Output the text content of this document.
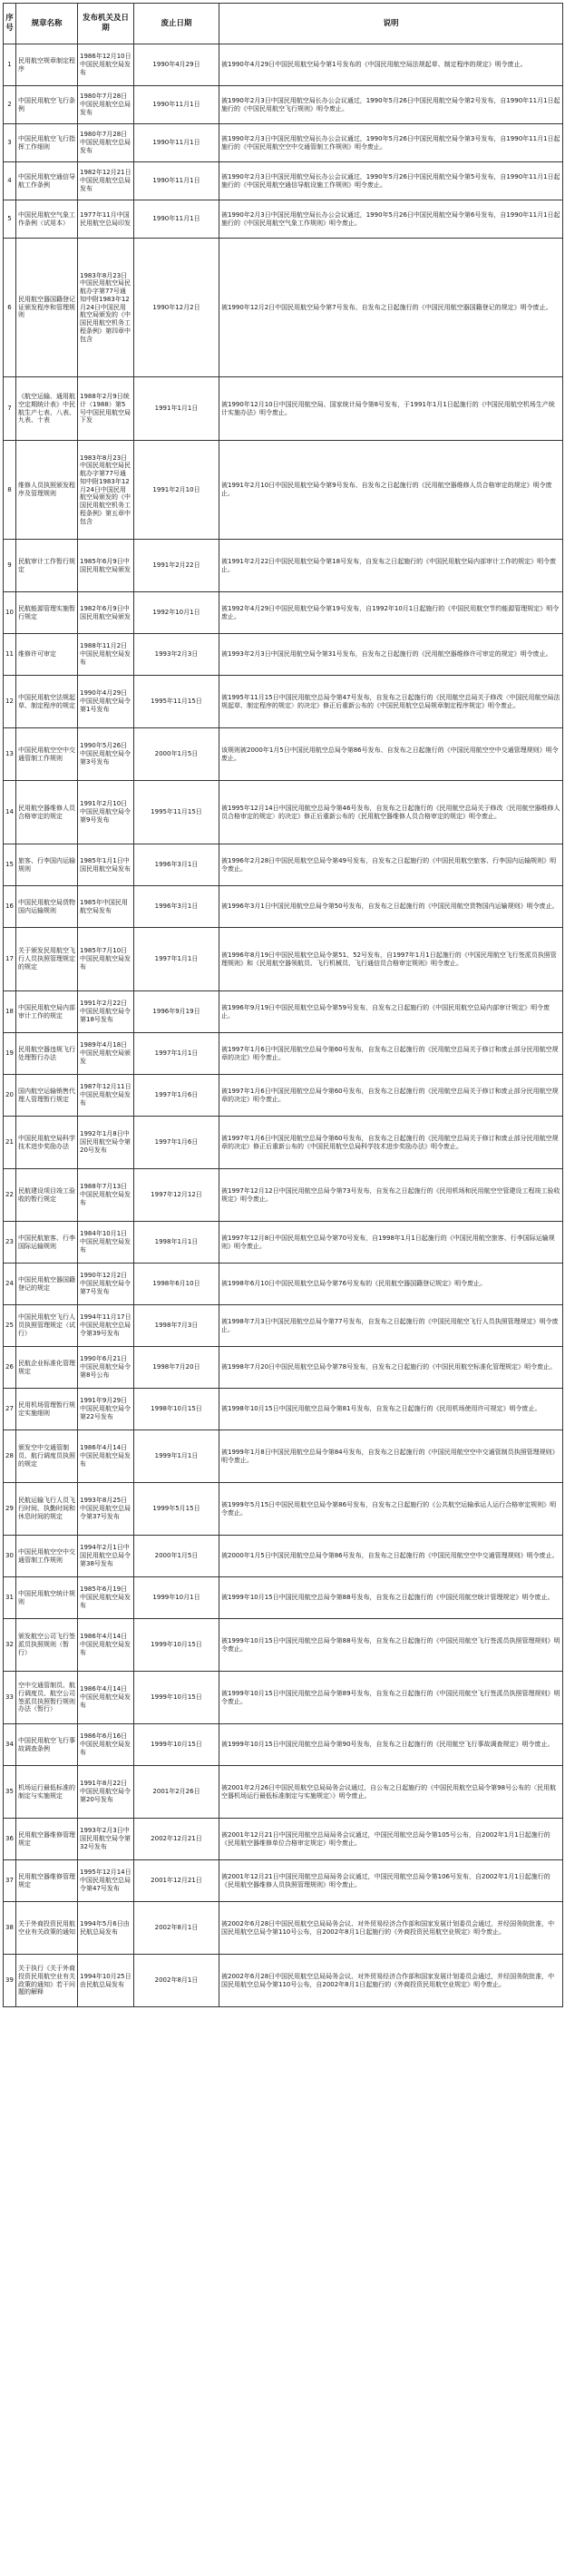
序号	规章名称	发布机关及日期	废止日期	说明
1	民用航空规章制定程序	1986年12月10日中国民用航空局发布	1990年4月29日	被1990年4月29日中国民用航空局令第1号发布的《中国民用航空局法规起草、制定程序的规定》明令废止。
2	中国民用航空飞行条例	1980年7月28日中国民用航空总局发布	1990年11月1日	被1990年2月3日中国民用航空局长办公会议通过，1990年5月26日中国民用航空局令第2号发布，自1990年11月1日起施行的《中国民用航空飞行规则》明令废止。
3	中国民用航空飞行指挥工作细则	1980年7月28日中国民用航空总局发布	1990年11月1日	被1990年2月3日中国民用航空局长办公会议通过，1990年5月26日中国民用航空局令第3号发布，自1990年11月1日起施行的《中国民用航空空中交通管制工作规则》明令废止。
4	中国民用航空通信导航工作条例	1982年12月21日中国民用航空总局发布	1990年11月1日	被1990年2月3日中国民用航空局长办公会议通过，1990年5月26日中国民用航空局令第5号发布，自1990年11月1日起施行的《中国民用航空通信导航设施工作规则》明令废止。
5	中国民用航空气象工作条例（试用本）	1977年11月中国民用航空总局印发	1990年11月1日	被1990年2月3日中国民用航空局长办公会议通过，1990年5月26日中国民用航空局令第6号发布，自1990年11月1日起施行的《中国民用航空气象工作规则》明令废止。
6	民用航空器国籍登记证颁发程序和管理规则	1983年8月23日中国民用航空局民航办字第77号通知中附1983年12月24日中国民用航空局颁发的《中国民用航空机务工程条例》第四章中包含	1990年12月2日	被1990年12月2日中国民用航空局令第7号发布、自发布之日起施行的《中国民用航空器国籍登记的规定》明令废止。
7	《航空运输、通用航空定期统计表》中民航生产七表、八表、九表、十表	1988年2月9日统计（1988）第5号中国民用航空局下发	1991年1月1日	被1990年12月10日中国民用航空局、国家统计局令第8号发布，于1991年1月1日起施行的《中国民用航空机场生产统计实施办法》明令废止。
8	维修人员执照颁发程序及管理规则	1983年8月23日中国民用航空局民航办字第77号通知中附1983年12月24日中国民用航空局颁发的《中国民用航空机务工程条例》第五章中包含	1991年2月10日	被1991年2月10日中国民用航空局令第9号发布、自发布之日起施行的《民用航空器维修人员合格审定的规定》明令废止。
9	民航审计工作暂行规定	1985年6月9日中国民用航空局颁发	1991年2月22日	被1991年2月22日中国民用航空局令第18号发布，自发布之日起施行的《中国民用航空局内部审计工作的规定》明令废止。
10	民航能源管理实施暂行规定	1982年6月9日中国民用航空局颁发	1992年10月1日	被1992年4月29日中国民用航空局令第19号发布，自1992年10月1日起施行的《中国民用航空节约能源管理规定》明令废止。
11	维修许可审定	1988年11月2日中国民用航空局发布	1993年2月3日	被1993年2月3日中国民用航空局令第31号发布，自发布之日起施行的《民用航空器维修许可审定的规定》明令废止。
12	中国民用航空法规起草、制定程序的规定	1990年4月29日中国民用航空局令第1号发布	1995年11月15日	被1995年11月15日中国民用航空总局令第47号发布，自发布之日起施行的《民用航空总局关于修改〈中国民用航空局法规起草、制定程序的规定〉的决定》修正后重新公布的《中国民用航空总局规章制定程序规定》明令废止。
13	中国民用航空空中交通管制工作规则	1990年5月26日中国民用航空局令第3号发布	2000年1月5日	该规则被2000年1月5日中国民用航空总局令第86号发布、自发布之日起施行的《中国民用航空空中交通管理规则》明令废止。
14	民用航空器维修人员合格审定的规定	1991年2月10日中国民用航空局令第9号发布	1995年11月15日	被1995年12月14日中国民用航空总局令第46号发布，自发布之日起施行的《民用航空总局关于修改〈民用航空器维修人员合格审定的规定〉的决定》修正后重新公布的《民用航空器维修人员合格审定的规定》明令废止。
15	旅客、行李国内运输规则	1985年1月1日中国民用航空局发布	1996年3月1日	被1996年2月28日中国民用航空总局令第49号发布，自发布之日起施行的《中国民用航空旅客、行李国内运输规则》明令废止。
16	中国民用航空局货物国内运输规则	1985年中国民用航空局发布	1996年3月1日	被1996年3月1日中国民用航空总局令第50号发布，自发布之日起施行的《中国民用航空货物国内运输规则》明令废止。
17	关于颁发民用航空飞行人员执照管理规定的规定	1985年7月10日中国民用航空局发布	1997年1月1日	被1996年8月19日中国民用航空总局令第51、52号发布，自1997年1月1日起施行的《中国民用航空飞行签派员执照管理规则》和《民用航空器领航员、飞行机械员、飞行通信员合格审定规则》明令废止。
18	中国民用航空局内部审计工作的规定	1991年2月22日中国民用航空局令第18号发布	1996年9月19日	被1996年9月19日中国民用航空总局令第59号发布，自发布之日起施行的《中国民用航空总局内部审计规定》明令废止。
19	民用航空器违规飞行处理暂行办法	1989年4月18日中国民用航空局颁发	1997年1月1日	被1997年1月6日中国民用航空总局令第60号发布，自发布之日起施行的《民用航空总局关于修订和废止部分民用航空规章的决定》明令废止。
20	国内航空运输销售代理人管理暂行规定	1987年12月11日中国民用航空局发布	1997年1月6日	被1997年1月6日中国民用航空总局令第60号发布，自发布之日起施行的《民用航空总局关于修订和废止部分民用航空规章的决定》明令废止。
21	中国民用航空局科学技术进步奖励办法	1992年1月8日中国民用航空局令第20号发布	1997年1月6日	被1997年1月6日中国民用航空总局令第60号发布，自发布之日起施行的《民用航空总局关于修订和废止部分民用航空规章的决定》修正后重新公布的《中国民用航空总局科学技术进步奖励办法》明令废止。
22	民航建设项目竣工验收的暂行规定	1988年7月13日中国民用航空局发布	1997年12月12日	被1997年12月12日中国民用航空总局令第73号发布，自发布之日起施行的《民用机场和民用航空空管建设工程竣工验收规定》明令废止。
23	中国民航旅客、行李国际运输规则	1984年10月1日中国民用航空局发布	1998年1月1日	被1997年12月8日中国民用航空总局令第70号发布，自1998年1月1日起施行的《中国民用航空旅客、行李国际运输规则》明令废止。
24	中国民用航空器国籍登记的规定	1990年12月2日中国民用航空局令第7号发布	1998年6月10日	被1998年6月10日中国民用航空总局令第76号发布的《民用航空器国籍登记规定》明令废止。
25	中国民用航空飞行人员执照管理规定（试行）	1994年11月17日中国民用航空总局令第39号发布	1998年7月3日	被1998年7月3日中国民用航空总局令第77号发布，自发布之日起施行的《中国民用航空飞行人员执照管理规定》明令废止。
26	民航企业标准化管理规定	1990年6月21日中国民用航空局令第8号公布	1998年7月20日	被1998年7月20日中国民用航空总局令第78号发布，自发布之日起施行的《中国民用航空标准化管理规定》明令废止。
27	民用机场管理暂行规定实施细则	1991年9月29日中国民用航空局令第22号发布	1998年10月15日	被1998年10月15日中国民用航空总局令第81号发布，自发布之日起施行的《民用机场使用许可规定》明令废止。
28	颁发空中交通管制员、航行调度员执照的规定	1986年4月14日中国民用航空局发布	1999年1月1日	被1999年1月8日中国民用航空总局令第84号发布，自发布之日起施行的《中国民用航空空中交通管制员执照管理规则》明令废止。
29	民航运输飞行人员飞行时间、执勤时间和休息时间的规定	1993年8月25日中国民用航空总局令第37号发布	1999年5月15日	被1999年5月15日中国民用航空总局令第86号发布，自发布之日起施行的《公共航空运输承运人运行合格审定规则》明令废止。
30	中国民用航空空中交通管制工作规则	1994年2月1日中国民用航空总局令第38号发布	2000年1月5日	被2000年1月5日中国民用航空总局令第86号发布，自发布之日起施行的《中国民用航空空中交通管理规则》明令废止。
31	中国民用航空统计规则	1985年6月19日中国民用航空局发布	1999年10月1日	被1999年10月15日中国民用航空总局令第88号发布，自发布之日起施行的《中国民用航空统计管理规定》明令废止。
32	颁发航空公司飞行签派员执照规则（暂行）	1986年4月14日中国民用航空局发布	1999年10月15日	被1999年10月15日中国民用航空总局令第88号发布，自发布之日起施行的《中国民用航空飞行签派员执照管理规则》明令废止。
33	空中交通管制员、航行调度员、航空公司签派员执照暂行规则办法（暂行）	1986年4月14日中国民用航空局发布	1999年10月15日	被1999年10月15日中国民用航空总局令第89号发布，自发布之日起施行的《中国民用航空飞行签派员执照管理规则》明令废止。
34	中国民用航空飞行事故调查条例	1986年6月16日中国民用航空局发布	1999年10月15日	被1999年10月15日中国民用航空总局令第90号发布，自发布之日起施行的《民用航空飞行事故调查规定》明令废止。
35	机场运行最低标准的制定与实施规定	1991年8月22日中国民用航空局令第20号发布	2001年2月26日	被2001年2月26日中国民用航空总局局务会议通过，自公布之日起施行的《中国民用航空总局令第98号公布的〈民用航空器机场运行最低标准制定与实施规定〉》明令废止。
36	民用航空器维修管理规定	1993年2月3日中国民用航空局令第32号发布	2002年12月21日	被2001年12月21日中国民用航空总局局务会议通过，中国民用航空总局令第105号公布，自2002年1月1日起施行的《民用航空器维修单位合格审定规定》明令废止。
37	民用航空器维修管理规定	1995年12月14日中国民用航空总局令第47号发布	2001年12月21日	被2001年12月21日中国民用航空总局局务会议通过，中国民用航空总局令第106号发布，自2002年1月1日起施行的《民用航空器维修人员执照管理规则》明令废止。
38	关于外商投资民用航空业有关政策的通知	1994年5月6日由民航总局发布	2002年8月1日	被2002年6月28日中国民用航空总局局务会议、对外贸易经济合作部和国家发展计划委员会通过，并经国务院批准，中国民用航空总局令第110号公布，自2002年8月1日起施行的《外商投资民用航空业规定》明令废止。
39	关于执行《关于外商投资民用航空业有关政策的通知》若干问题的解释	1994年10月25日由民航总局发布	2002年8月1日	被2002年6月28日中国民用航空总局局务会议、对外贸易经济合作部和国家发展计划委员会通过，并经国务院批准，中国民用航空总局令第110号公布，自2002年8月1日起施行的《外商投资民用航空业规定》明令废止。
